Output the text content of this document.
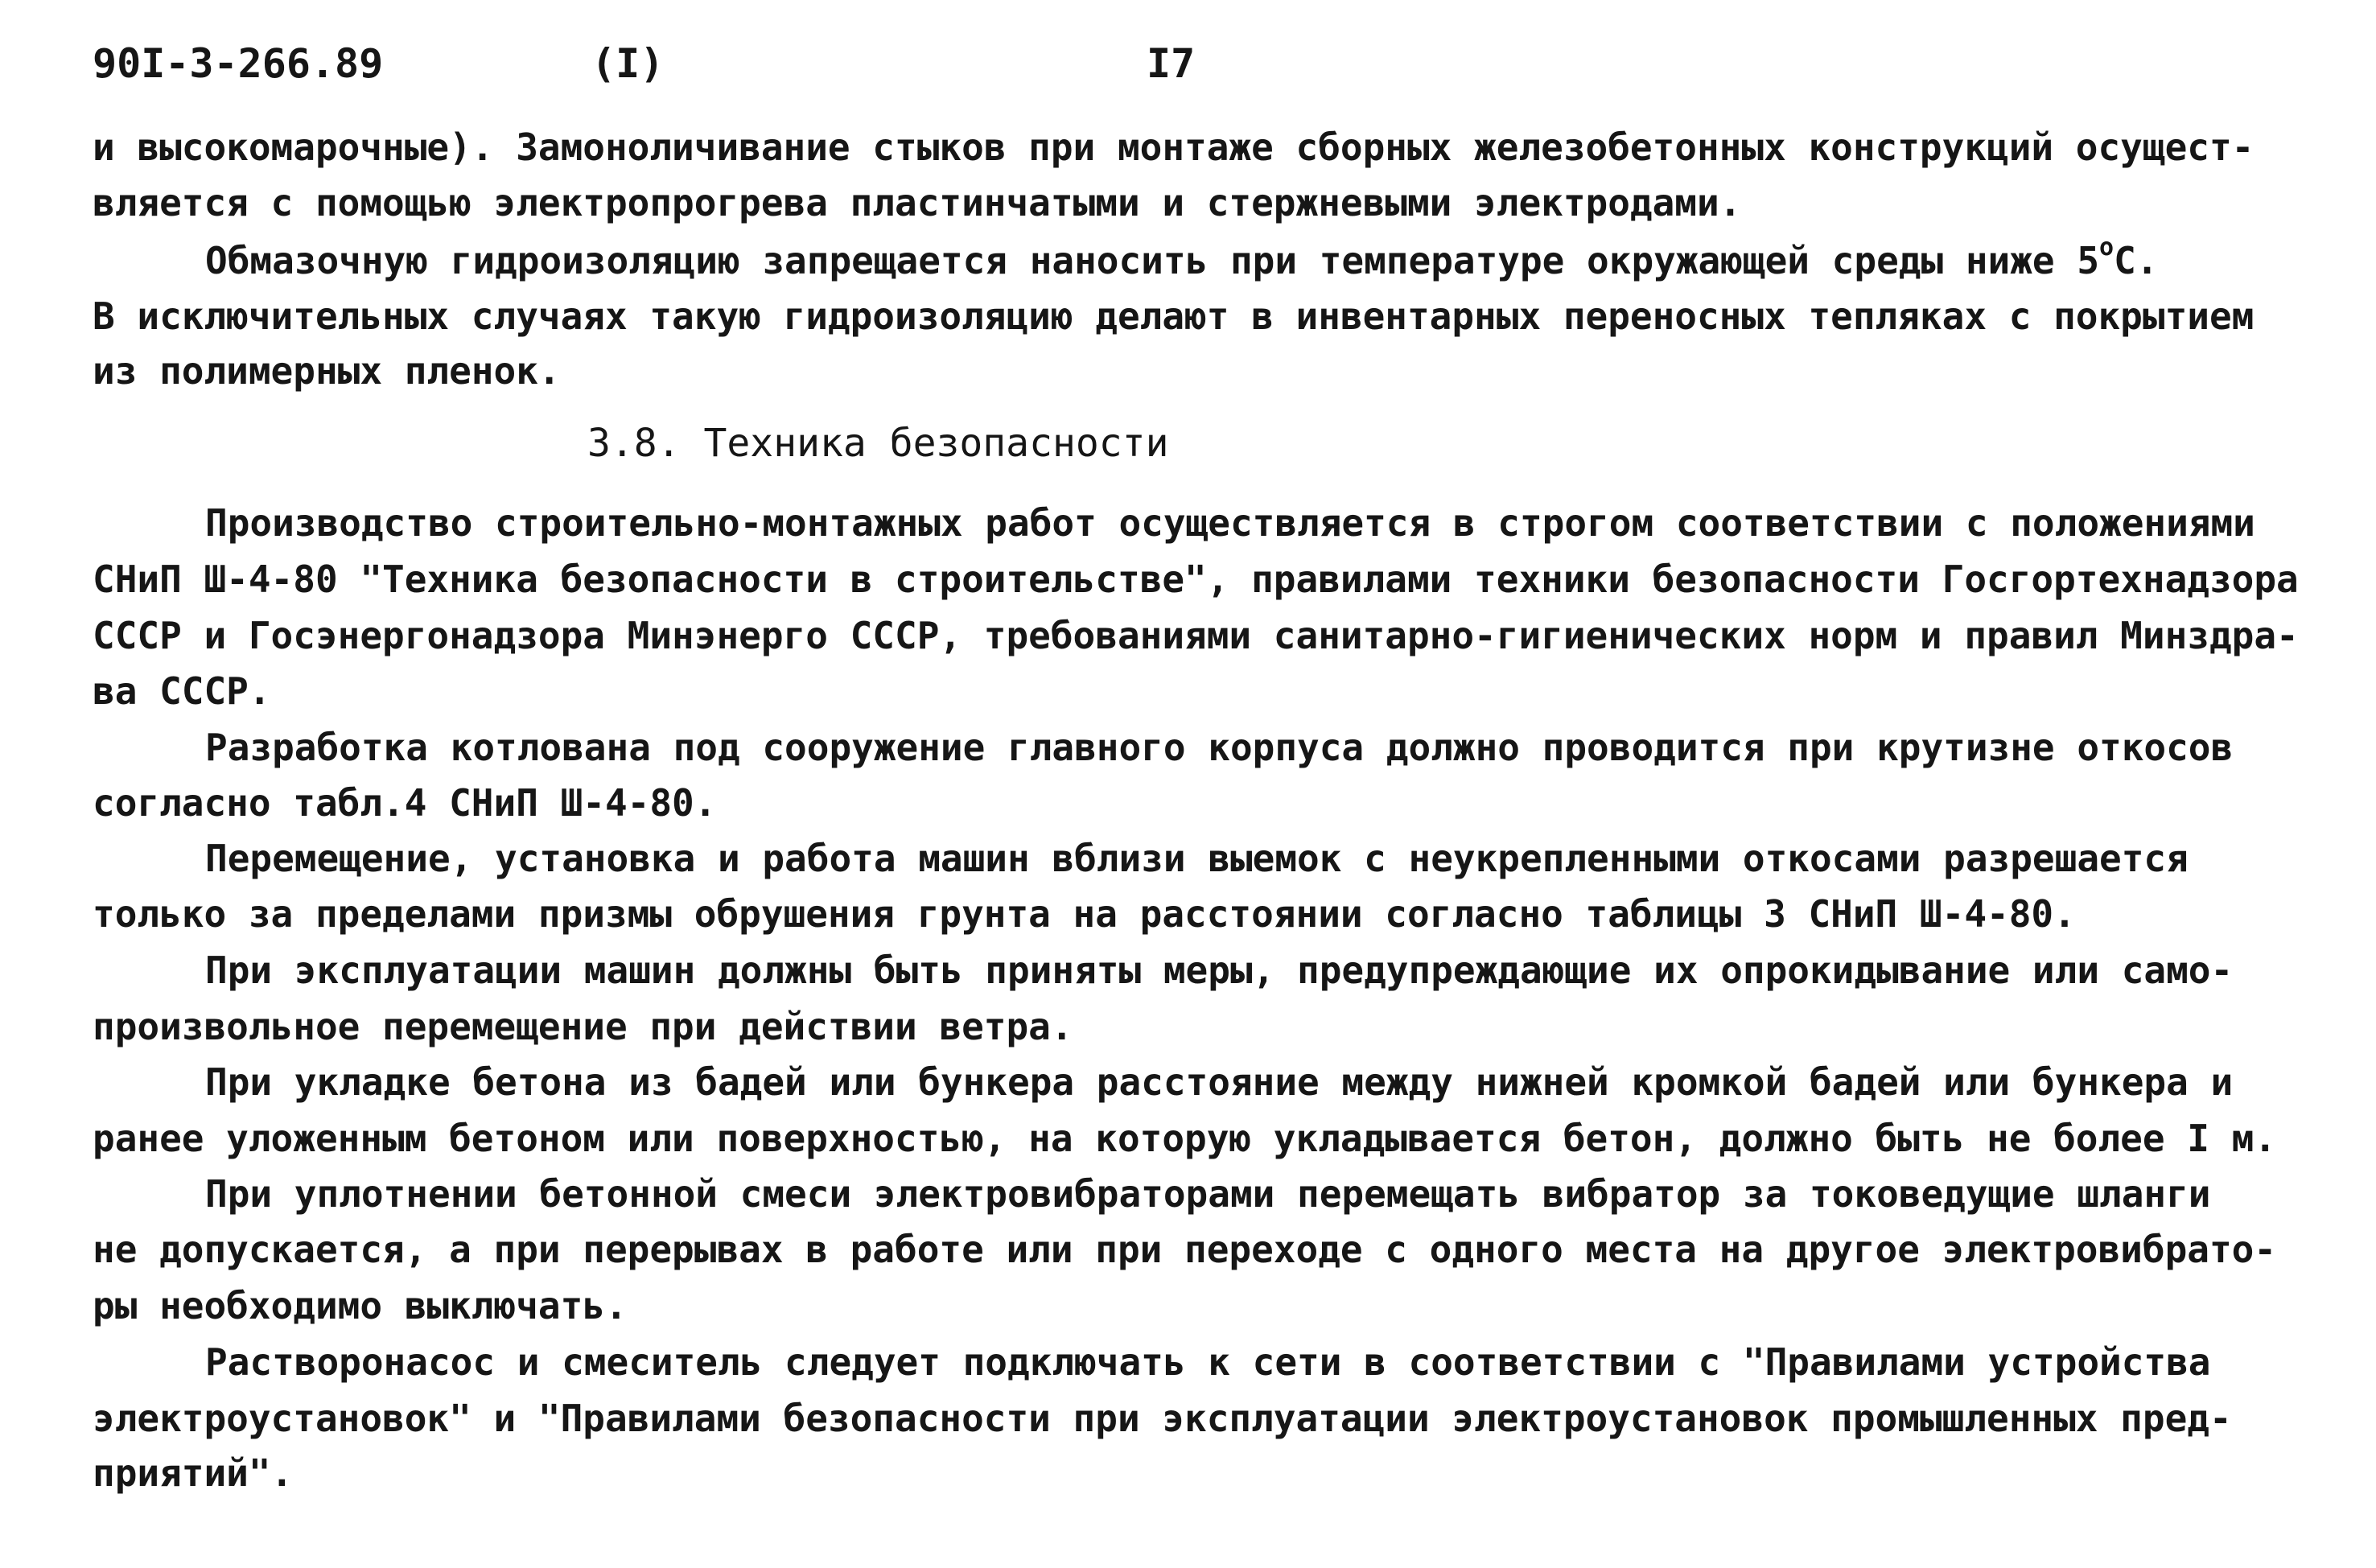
90I-3-266.89	(I)	I7
и высокомарочные). Замоноличивание стыков при монтаже сборных железобетонных конструкций осущест-
вляется с помощью электропрогрева пластинчатыми и стержневыми электродами.
Обмазочную гидроизоляцию запрещается наносить при температуре окружающей среды ниже $5^оС$.
В исключительных случаях такую гидроизоляцию делают в инвентарных переносных тепляках с покрытием
из полимерных пленок.
3.8. Техника безопасности
Производство строительно-монтажных работ осуществляется в строгом соответствии с положениями
СНиП Ш-4-80 "Техника безопасности в строительстве", правилами техники безопасности Госгортехнадзора
СССР и Госэнергонадзора Минэнерго СССР, требованиями санитарно-гигиенических норм и правил Минздра-
ва СССР.
Разработка котлована под сооружение главного корпуса должно проводится при крутизне откосов
согласно табл.4 СНиП Ш-4-80.
Перемещение, установка и работа машин вблизи выемок с неукрепленными откосами разрешается
только за пределами призмы обрушения грунта на расстоянии согласно таблицы 3 СНиП Ш-4-80.
При эксплуатации машин должны быть приняты меры, предупреждающие их опрокидывание или само-
произвольное перемещение при действии ветра.
При укладке бетона из бадей или бункера расстояние между нижней кромкой бадей или бункера и
ранее уложенным бетоном или поверхностью, на которую укладывается бетон, должно быть не более I м.
При уплотнении бетонной смеси электровибраторами перемещать вибратор за токоведущие шланги
не допускается, а при перерывах в работе или при переходе с одного места на другое электровибрато-
ры необходимо выключать.
Растворонасос и смеситель следует подключать к сети в соответствии с "Правилами устройства
электроустановок" и "Правилами безопасности при эксплуатации электроустановок промышленных пред-
приятий".
